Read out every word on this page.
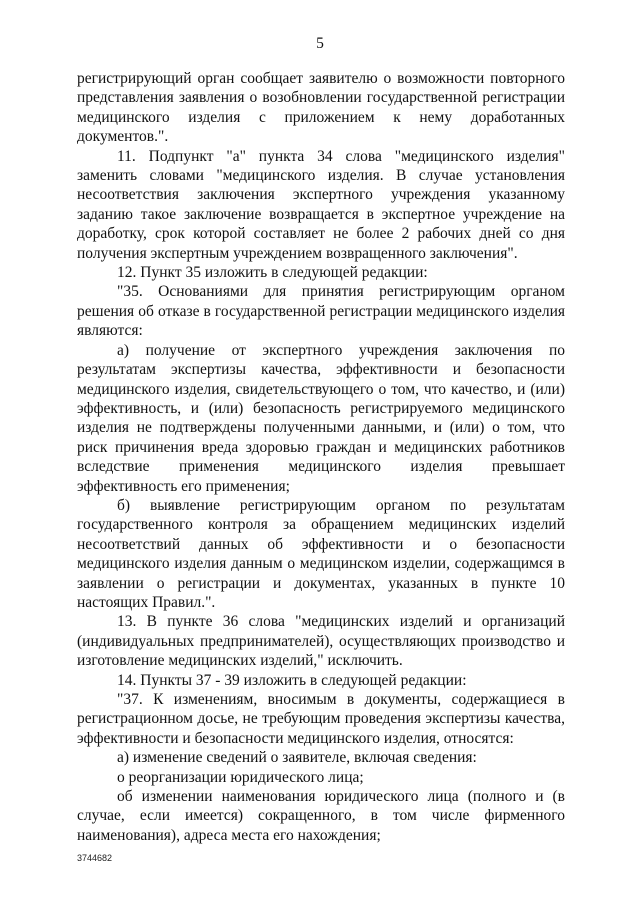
5

регистрирующий орган сообщает заявителю о возможности повторного представления заявления о возобновлении государственной регистрации медицинского изделия с приложением к нему доработанных документов.".

11. Подпункт "а" пункта 34 слова "медицинского изделия" заменить словами "медицинского изделия. В случае установления несоответствия заключения экспертного учреждения указанному заданию такое заключение возвращается в экспертное учреждение на доработку, срок которой составляет не более 2 рабочих дней со дня получения экспертным учреждением возвращенного заключения".

12. Пункт 35 изложить в следующей редакции:

"35. Основаниями для принятия регистрирующим органом решения об отказе в государственной регистрации медицинского изделия являются:

а) получение от экспертного учреждения заключения по результатам экспертизы качества, эффективности и безопасности медицинского изделия, свидетельствующего о том, что качество, и (или) эффективность, и (или) безопасность регистрируемого медицинского изделия не подтверждены полученными данными, и (или) о том, что риск причинения вреда здоровью граждан и медицинских работников вследствие применения медицинского изделия превышает эффективность его применения;

б) выявление регистрирующим органом по результатам государственного контроля за обращением медицинских изделий несоответствий данных об эффективности и о безопасности медицинского изделия данным о медицинском изделии, содержащимся в заявлении о регистрации и документах, указанных в пункте 10 настоящих Правил.".

13. В пункте 36 слова "медицинских изделий и организаций (индивидуальных предпринимателей), осуществляющих производство и изготовление медицинских изделий," исключить.

14. Пункты 37 - 39 изложить в следующей редакции:

"37. К изменениям, вносимым в документы, содержащиеся в регистрационном досье, не требующим проведения экспертизы качества, эффективности и безопасности медицинского изделия, относятся:

а) изменение сведений о заявителе, включая сведения:

о реорганизации юридического лица;

об изменении наименования юридического лица (полного и (в случае, если имеется) сокращенного, в том числе фирменного наименования), адреса места его нахождения;

3744682
